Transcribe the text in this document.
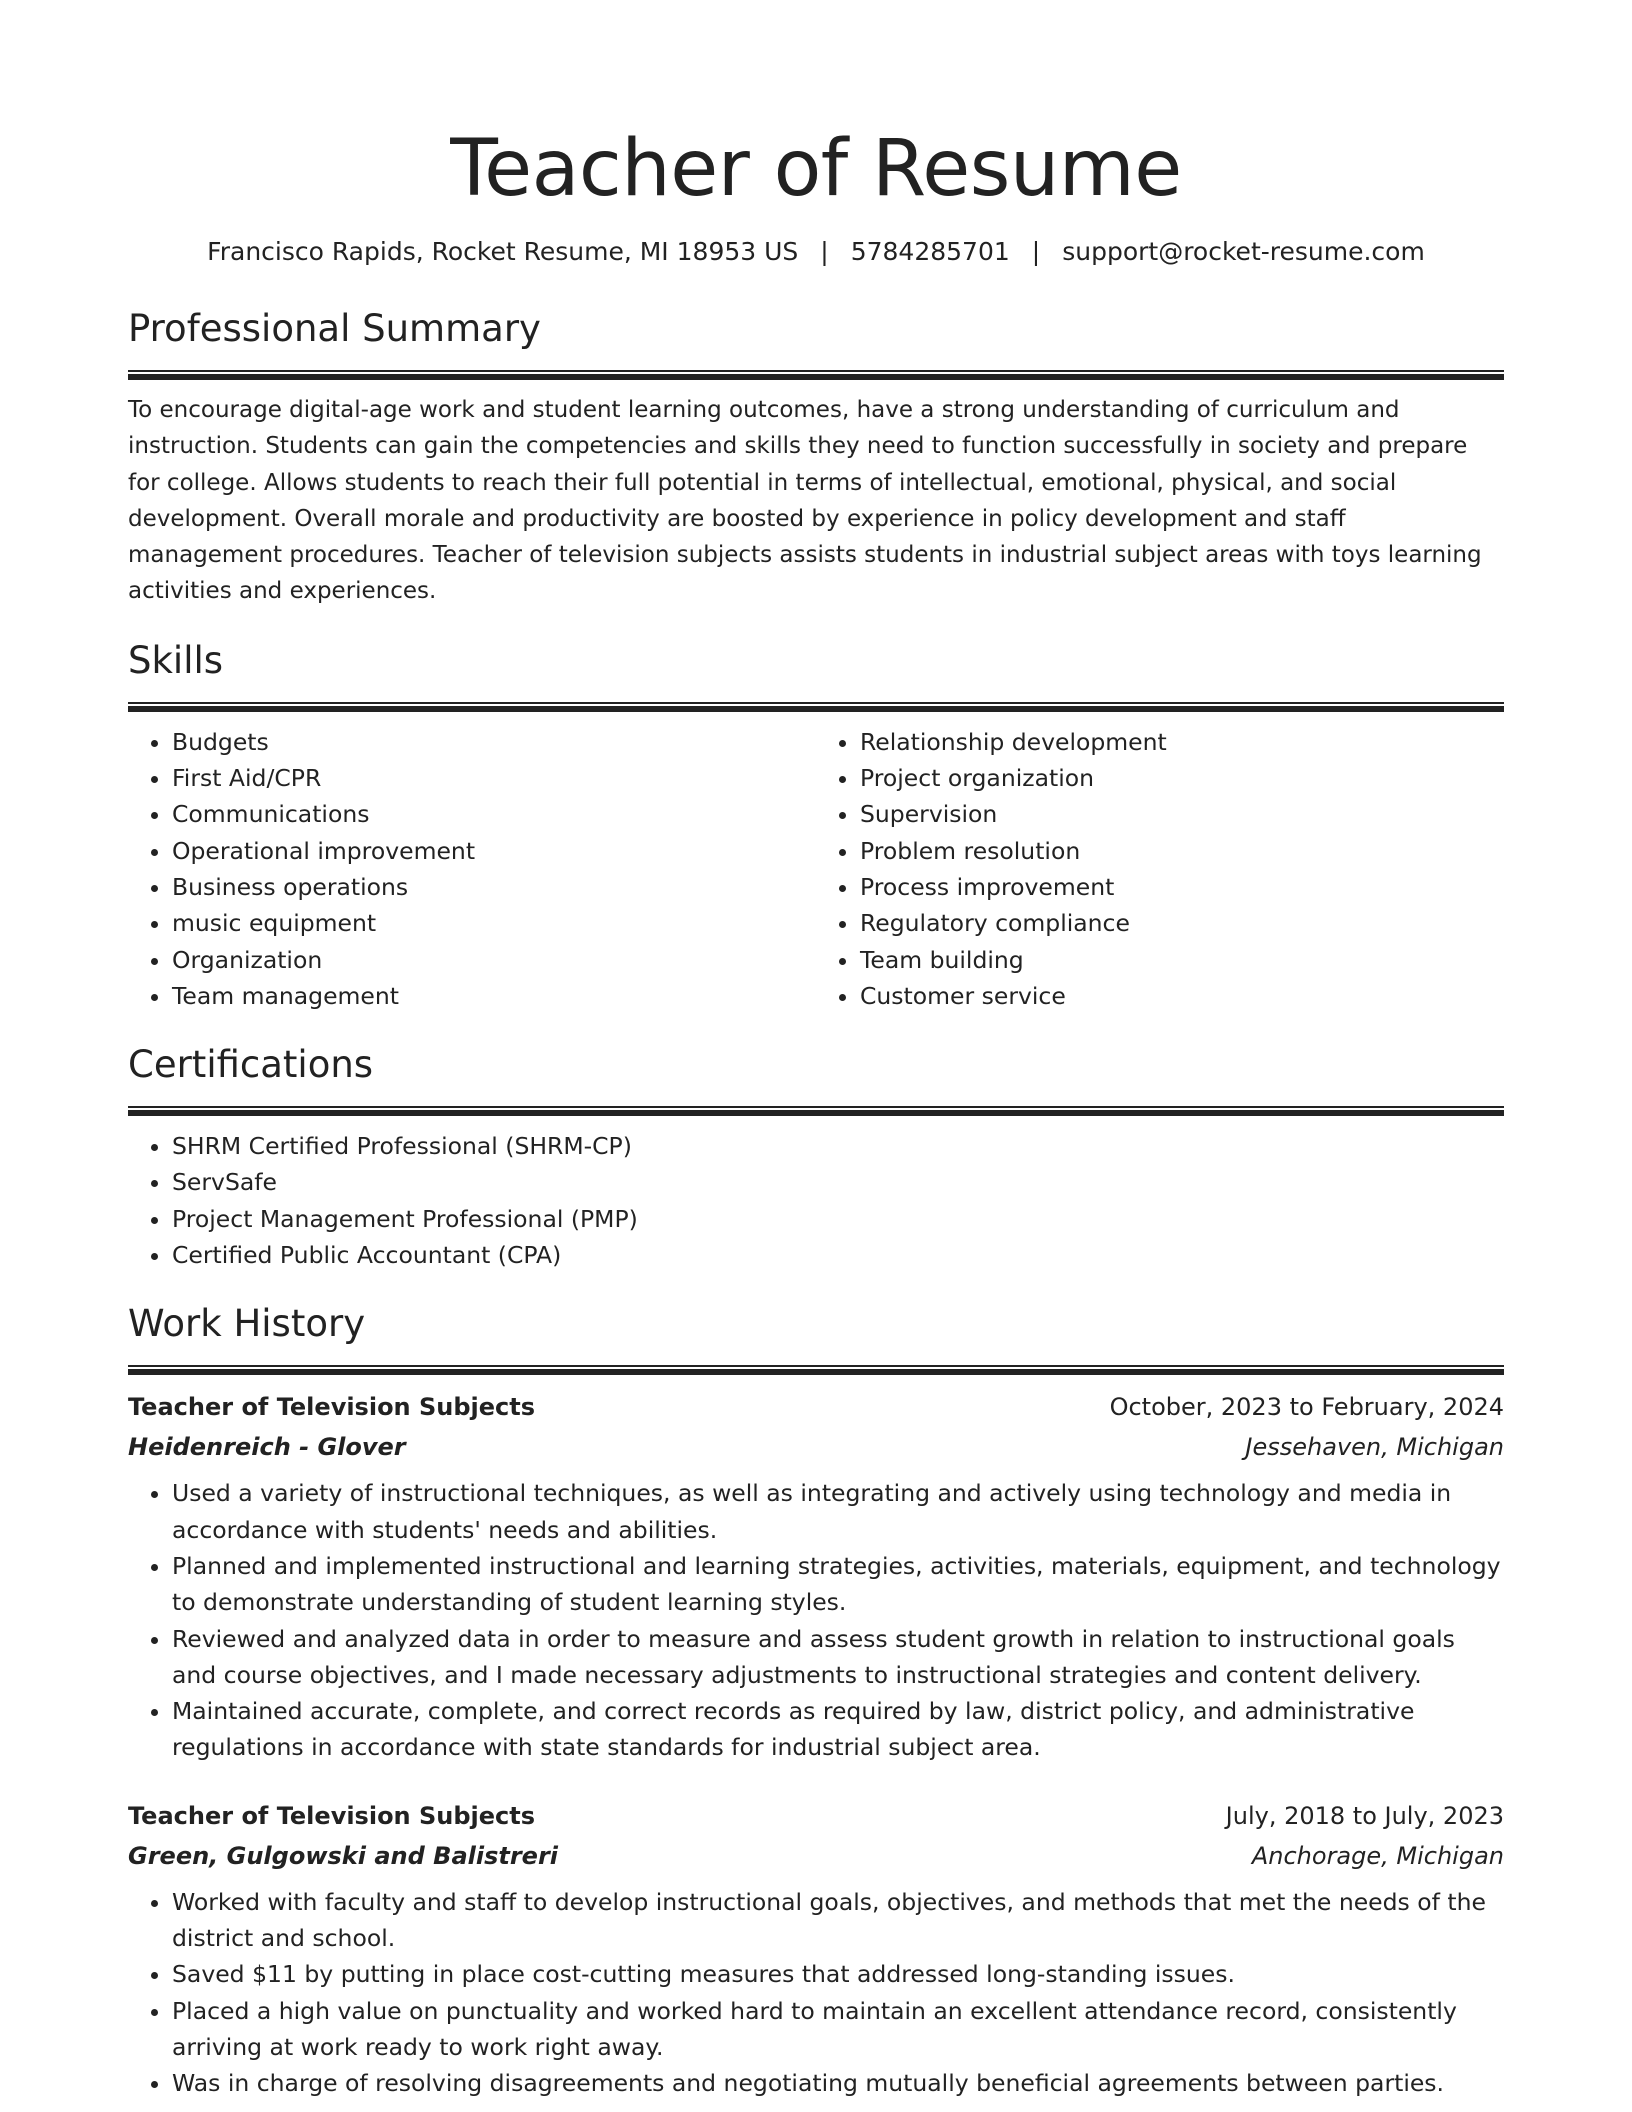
Teacher of Resume
Francisco Rapids, Rocket Resume, MI 18953 US | 5784285701 | support@rocket-resume.com
Professional Summary

To encourage digital-age work and student learning outcomes, have a strong understanding of curriculum and instruction. Students can gain the competencies and skills they need to function successfully in society and prepare for college. Allows students to reach their full potential in terms of intellectual, emotional, physical, and social development. Overall morale and productivity are boosted by experience in policy development and staff management procedures. Teacher of television subjects assists students in industrial subject areas with toys learning activities and experiences.

Skills
• Budgets
• First Aid/CPR
• Communications
• Operational improvement
• Business operations
• music equipment
• Organization
• Team management
• Relationship development
• Project organization
• Supervision
• Problem resolution
• Process improvement
• Regulatory compliance
• Team building
• Customer service
Certifications
• SHRM Certified Professional (SHRM-CP)
• ServSafe
• Project Management Professional (PMP)
• Certified Public Accountant (CPA)
Work History
Teacher of Television Subjects	October, 2023 to February, 2024
Heidenreich - Glover	Jessehaven, Michigan
• Used a variety of instructional techniques, as well as integrating and actively using technology and media in accordance with students' needs and abilities.
• Planned and implemented instructional and learning strategies, activities, materials, equipment, and technology to demonstrate understanding of student learning styles.
• Reviewed and analyzed data in order to measure and assess student growth in relation to instructional goals and course objectives, and I made necessary adjustments to instructional strategies and content delivery.
• Maintained accurate, complete, and correct records as required by law, district policy, and administrative regulations in accordance with state standards for industrial subject area.
Teacher of Television Subjects	July, 2018 to July, 2023
Green, Gulgowski and Balistreri	Anchorage, Michigan
• Worked with faculty and staff to develop instructional goals, objectives, and methods that met the needs of the district and school.
• Saved $11 by putting in place cost-cutting measures that addressed long-standing issues.
• Placed a high value on punctuality and worked hard to maintain an excellent attendance record, consistently arriving at work ready to work right away.
• Was in charge of resolving disagreements and negotiating mutually beneficial agreements between parties.
